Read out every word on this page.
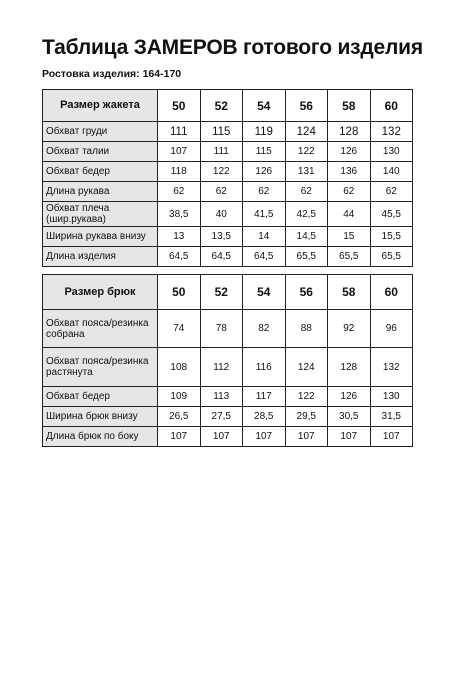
Таблица ЗАМЕРОВ готового изделия
Ростовка изделия: 164-170
Размер жакета	50	52	54	56	58	60
Обхват груди	111	115	119	124	128	132
Обхват талии	107	111	115	122	126	130
Обхват бедер	118	122	126	131	136	140
Длина рукава	62	62	62	62	62	62
Обхват плеча (шир.рукава)	38,5	40	41,5	42,5	44	45,5
Ширина рукава внизу	13	13,5	14	14,5	15	15,5
Длина изделия	64,5	64,5	64,5	65,5	65,5	65,5
Размер брюк	50	52	54	56	58	60
Обхват пояса/резинка собрана	74	78	82	88	92	96
Обхват пояса/резинка растянута	108	112	116	124	128	132
Обхват бедер	109	113	117	122	126	130
Ширина брюк внизу	26,5	27,5	28,5	29,5	30,5	31,5
Длина брюк по боку	107	107	107	107	107	107
